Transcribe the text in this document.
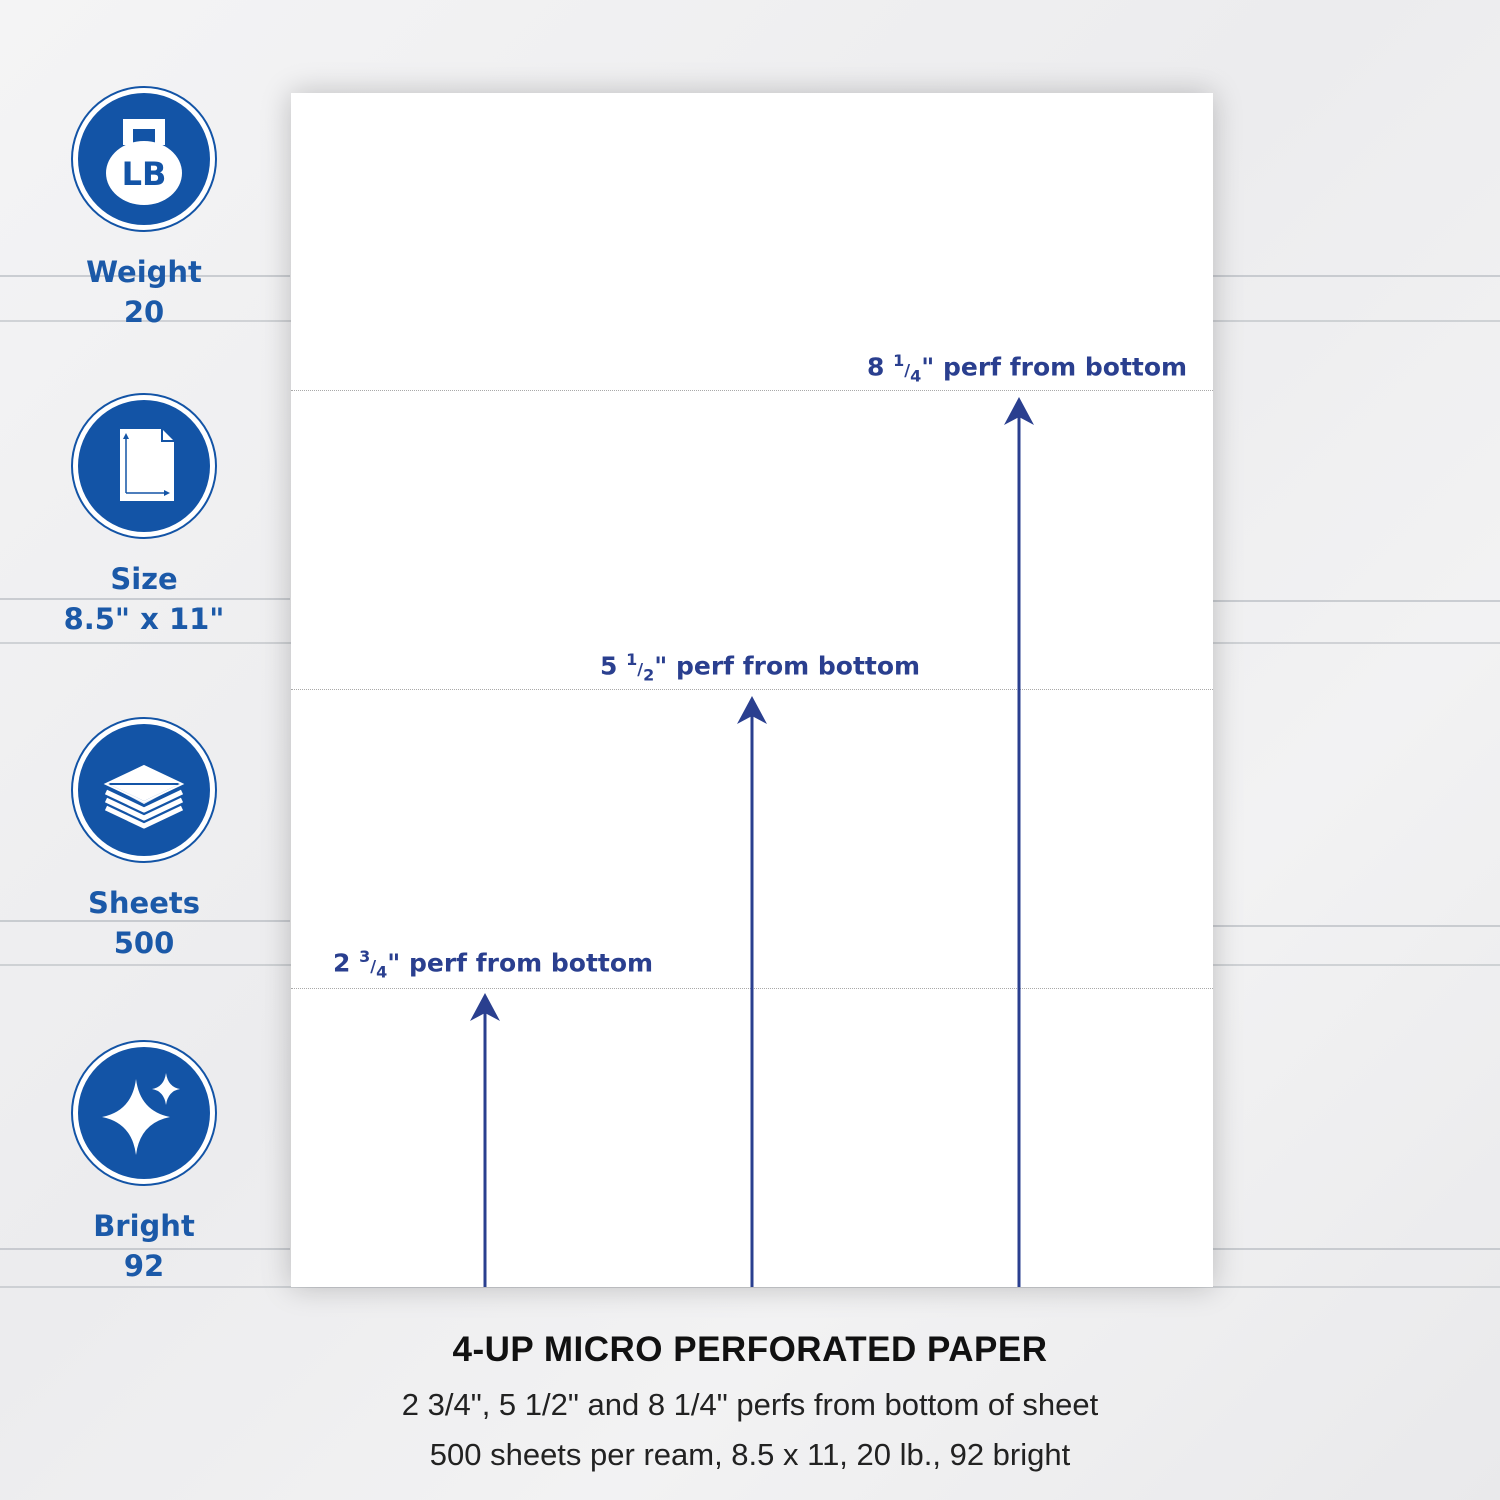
LB
Weight
20
Size
8.5" x 11"
Sheets
500
Bright
92
8 $^1/_4$" perf from bottom
5 $^1/_2$" perf from bottom
2 $^3/_4$" perf from bottom
4-UP MICRO PERFORATED PAPER
2 3/4", 5 1/2" and 8 1/4" perfs from bottom of sheet
500 sheets per ream, 8.5 x 11, 20 lb., 92 bright
